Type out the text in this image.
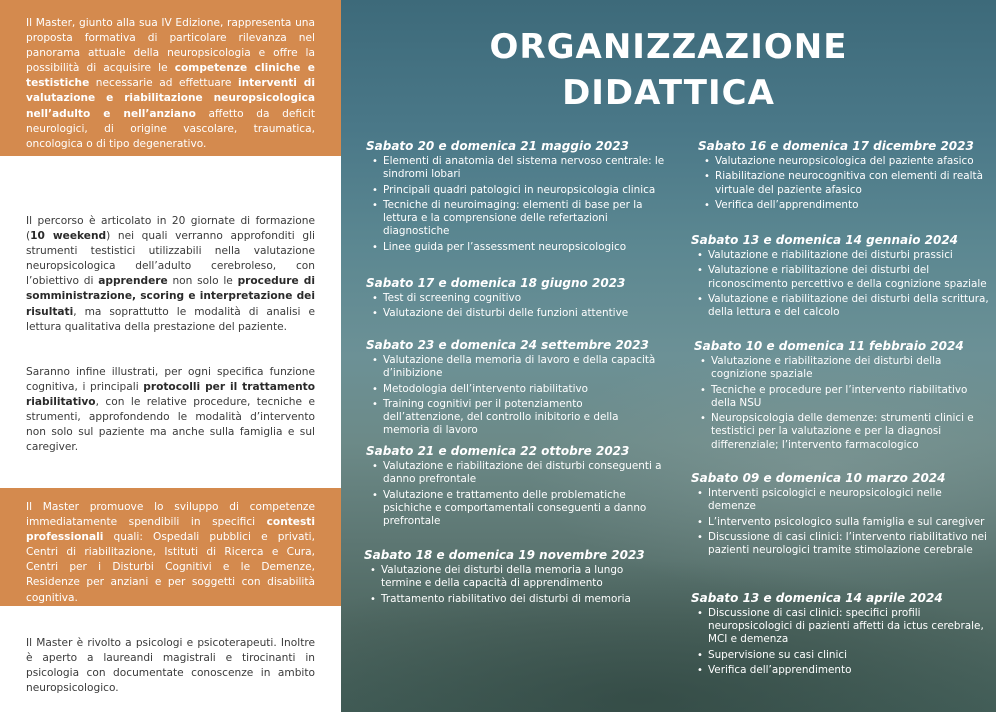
Il Master, giunto alla sua IV Edizione, rappresenta una proposta formativa di particolare rilevanza nel panorama attuale della neuropsicologia e offre la possibilità di acquisire le competenze cliniche e testistiche necessarie ad effettuare interventi di valutazione e riabilitazione neuropsicologica nell’adulto e nell’anziano affetto da deficit neurologici, di origine vascolare, traumatica, oncologica o di tipo degenerativo.
Il percorso è articolato in 20 giornate di formazione (10 weekend) nei quali verranno approfonditi gli strumenti testistici utilizzabili nella valutazione neuropsicologica dell’adulto cerebroleso, con l’obiettivo di apprendere non solo le procedure di somministrazione, scoring e interpretazione dei risultati, ma soprattutto le modalità di analisi e lettura qualitativa della prestazione del paziente.
Saranno infine illustrati, per ogni specifica funzione cognitiva, i principali protocolli per il trattamento riabilitativo, con le relative procedure, tecniche e strumenti, approfondendo le modalità d’intervento non solo sul paziente ma anche sulla famiglia e sul caregiver.
Il Master promuove lo sviluppo di competenze immediatamente spendibili in specifici contesti professionali quali: Ospedali pubblici e privati, Centri di riabilitazione, Istituti di Ricerca e Cura, Centri per i Disturbi Cognitivi e le Demenze, Residenze per anziani e per soggetti con disabilità cognitiva.
Il Master è rivolto a psicologi e psicoterapeuti. Inoltre è aperto a laureandi magistrali e tirocinanti in psicologia con documentate conoscenze in ambito neuropsicologico.
ORGANIZZAZIONE
DIDATTICA
Sabato 20 e domenica 21 maggio 2023
• Elementi di anatomia del sistema nervoso centrale: le sindromi lobari
• Principali quadri patologici in neuropsicologia clinica
• Tecniche di neuroimaging: elementi di base per la lettura e la comprensione delle refertazioni diagnostiche
• Linee guida per l’assessment neuropsicologico
Sabato 17 e domenica 18 giugno 2023
• Test di screening cognitivo
• Valutazione dei disturbi delle funzioni attentive
Sabato 23 e domenica 24 settembre 2023
• Valutazione della memoria di lavoro e della capacità d’inibizione
• Metodologia dell’intervento riabilitativo
• Training cognitivi per il potenziamento dell’attenzione, del controllo inibitorio e della memoria di lavoro
Sabato 21 e domenica 22 ottobre 2023
• Valutazione e riabilitazione dei disturbi conseguenti a danno prefrontale
• Valutazione e trattamento delle problematiche psichiche e comportamentali conseguenti a danno prefrontale
Sabato 18 e domenica 19 novembre 2023
• Valutazione dei disturbi della memoria a lungo termine e della capacità di apprendimento
• Trattamento riabilitativo dei disturbi di memoria
Sabato 16 e domenica 17 dicembre 2023
• Valutazione neuropsicologica del paziente afasico
• Riabilitazione neurocognitiva con elementi di realtà virtuale del paziente afasico
• Verifica dell’apprendimento
Sabato 13 e domenica 14 gennaio 2024
• Valutazione e riabilitazione dei disturbi prassici
• Valutazione e riabilitazione dei disturbi del riconoscimento percettivo e della cognizione spaziale
• Valutazione e riabilitazione dei disturbi della scrittura, della lettura e del calcolo
Sabato 10 e domenica 11 febbraio 2024
• Valutazione e riabilitazione dei disturbi della cognizione spaziale
• Tecniche e procedure per l’intervento riabilitativo della NSU
• Neuropsicologia delle demenze: strumenti clinici e testistici per la valutazione e per la diagnosi differenziale; l’intervento farmacologico
Sabato 09 e domenica 10 marzo 2024
• Interventi psicologici e neuropsicologici nelle demenze
• L’intervento psicologico sulla famiglia e sul caregiver
• Discussione di casi clinici: l’intervento riabilitativo nei pazienti neurologici tramite stimolazione cerebrale
Sabato 13 e domenica 14 aprile 2024
• Discussione di casi clinici: specifici profili neuropsicologici di pazienti affetti da ictus cerebrale, MCI e demenza
• Supervisione su casi clinici
• Verifica dell’apprendimento
